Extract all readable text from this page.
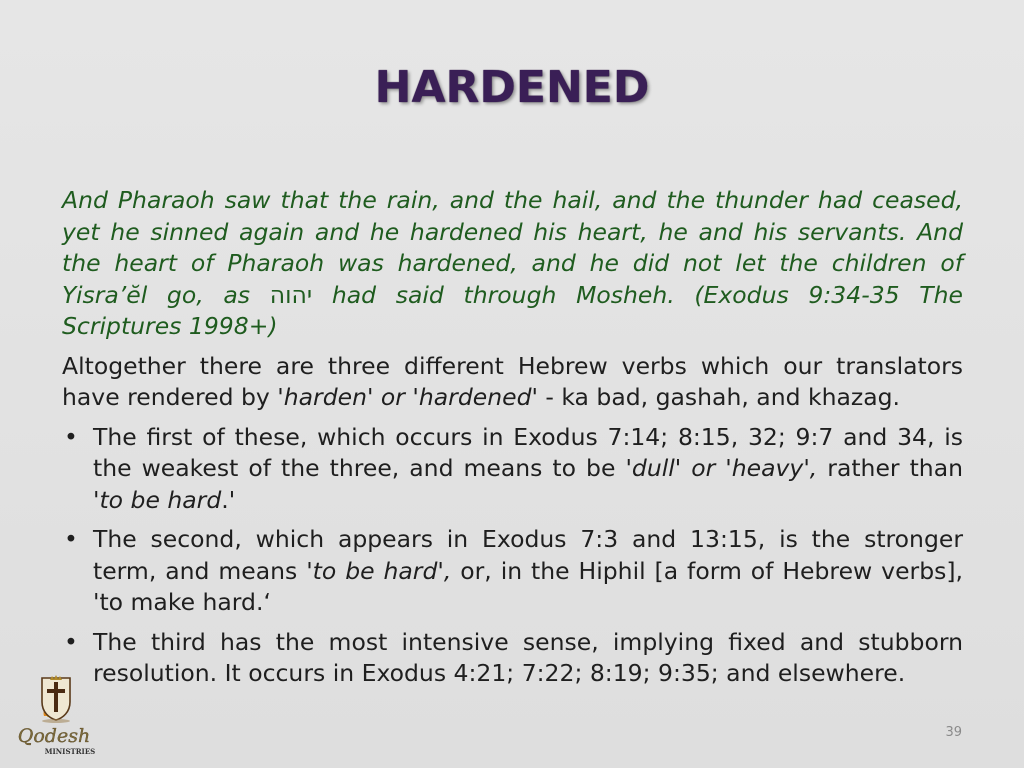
HARDENED

And Pharaoh saw that the rain, and the hail, and the thunder had ceased, yet he sinned again and he hardened his heart, he and his servants. And the heart of Pharaoh was hardened, and he did not let the children of Yisra’ĕl go, as יהוה had said through Mosheh. (Exodus 9:34-35 The Scriptures 1998+)

Altogether there are three different Hebrew verbs which our translators have rendered by 'harden' or 'hardened' - ka bad, gashah, and khazag.

• The first of these, which occurs in Exodus 7:14; 8:15, 32; 9:7 and 34, is the weakest of the three, and means to be 'dull' or 'heavy', rather than 'to be hard.'
• The second, which appears in Exodus 7:3 and 13:15, is the stronger term, and means 'to be hard', or, in the Hiphil [a form of Hebrew verbs], 'to make hard.‘
• The third has the most intensive sense, implying fixed and stubborn resolution. It occurs in Exodus 4:21; 7:22; 8:19; 9:35; and elsewhere.
Qodesh
MINISTRIES
39
